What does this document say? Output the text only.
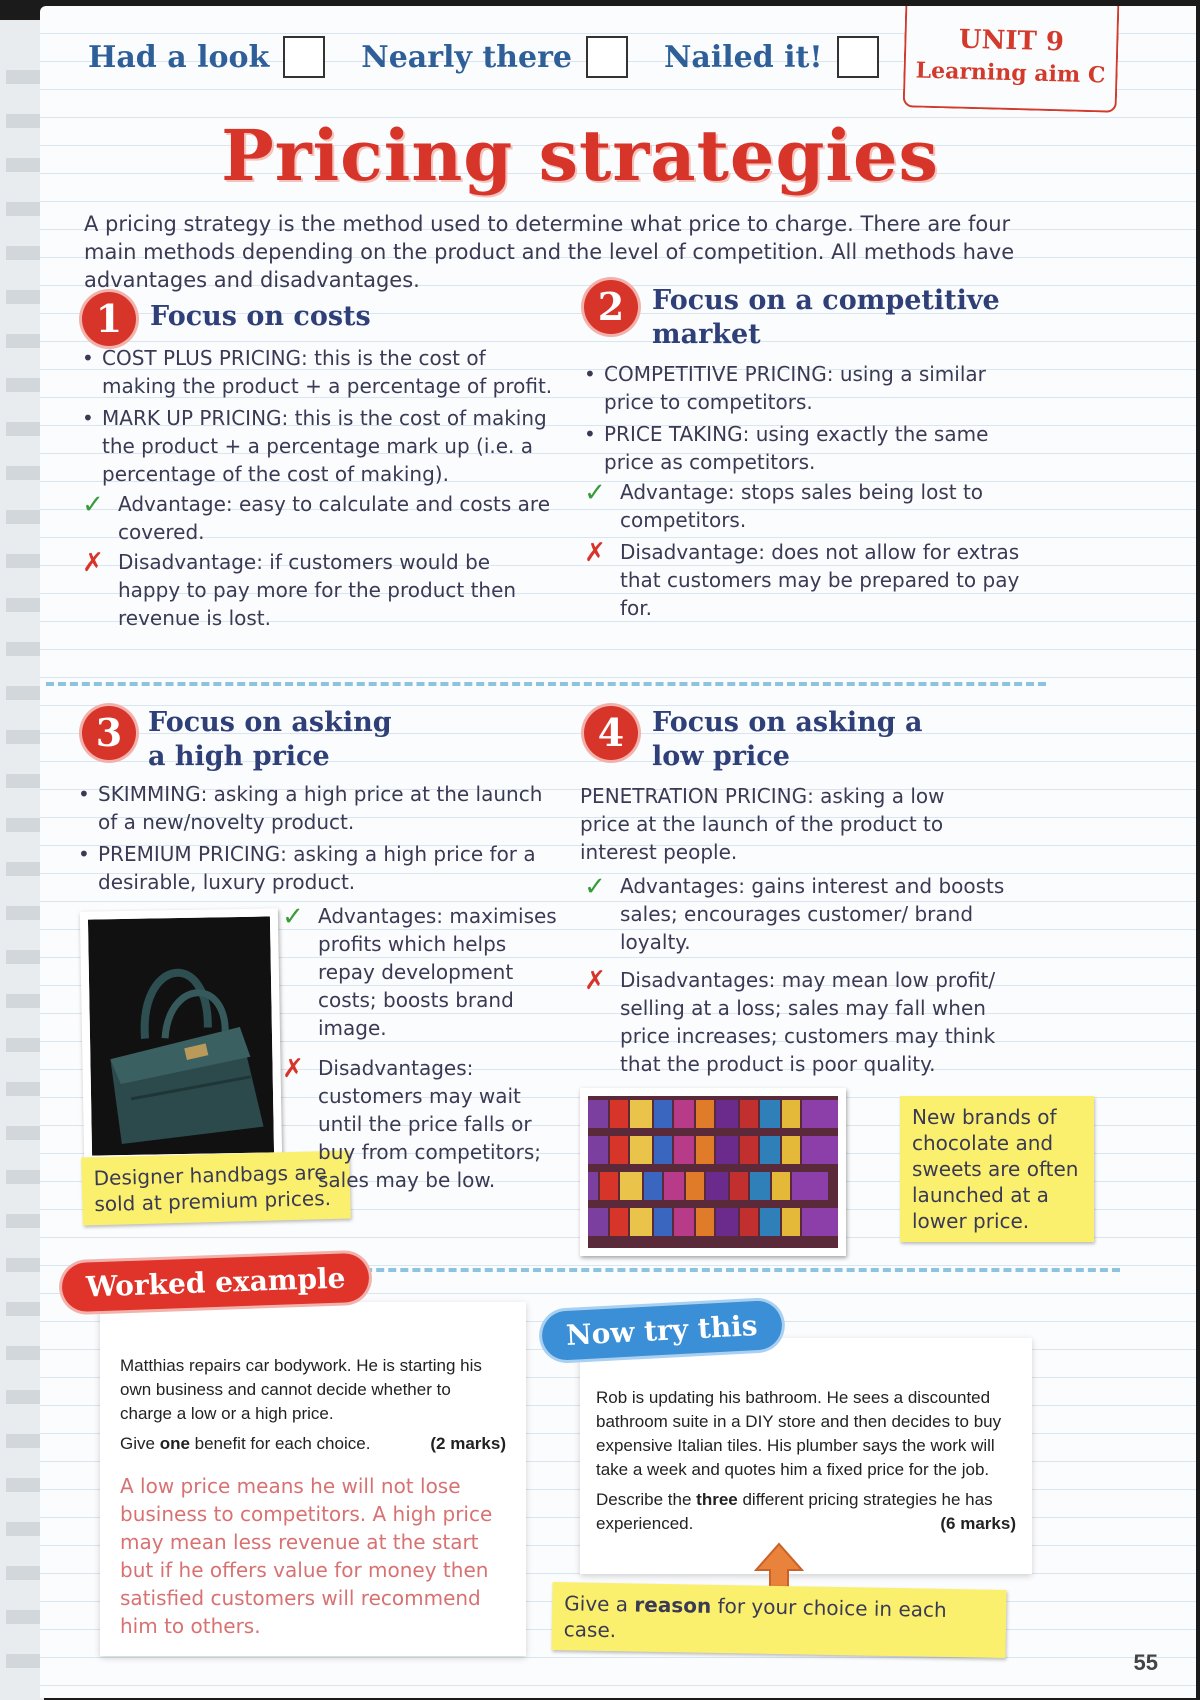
Had a look	Nearly there	Nailed it!	UNIT 9
Learning aim C
Pricing strategies
A pricing strategy is the method used to determine what price to charge. There are four main methods depending on the product and the level of competition. All methods have advantages and disadvantages.
1	Focus on costs
• COST PLUS PRICING: this is the cost of making the product + a percentage of profit.
• MARK UP PRICING: this is the cost of making the product + a percentage mark up (i.e. a percentage of the cost of making).
✓ Advantage: easy to calculate and costs are covered.
✗ Disadvantage: if customers would be happy to pay more for the product then revenue is lost.
2	Focus on a competitive market
• COMPETITIVE PRICING: using a similar price to competitors.
• PRICE TAKING: using exactly the same price as competitors.
✓ Advantage: stops sales being lost to competitors.
✗ Disadvantage: does not allow for extras that customers may be prepared to pay for.
3 Focus on asking a high price
• SKIMMING: asking a high price at the launch of a new/novelty product.
• PREMIUM PRICING: asking a high price for a desirable, luxury product.
Designer handbags are sold at premium prices.
✓ Advantages: maximises profits which helps repay development costs; boosts brand image.
✗ Disadvantages: customers may wait until the price falls or buy from competitors; sales may be low.
4	Focus on asking a low price
PENETRATION PRICING: asking a low price at the launch of the product to interest people.
✓ Advantages: gains interest and boosts sales; encourages customer/ brand loyalty.
✗ Disadvantages: may mean low profit/ selling at a loss; sales may fall when price increases; customers may think that the product is poor quality.
New brands of chocolate and sweets are often launched at a lower price.
Matthias repairs car bodywork. He is starting his own business and cannot decide whether to charge a low or a high price.
Give one benefit for each choice.	(2 marks)
A low price means he will not lose business to competitors. A high price may mean less revenue at the start but if he offers value for money then satisfied customers will recommend him to others.
Worked example
Rob is updating his bathroom. He sees a discounted bathroom suite in a DIY store and then decides to buy expensive Italian tiles. His plumber says the work will take a week and quotes him a fixed price for the job.
Describe the three different pricing strategies he has experienced.	(6 marks)
Now try this
Give a reason for your choice in each case.
55
